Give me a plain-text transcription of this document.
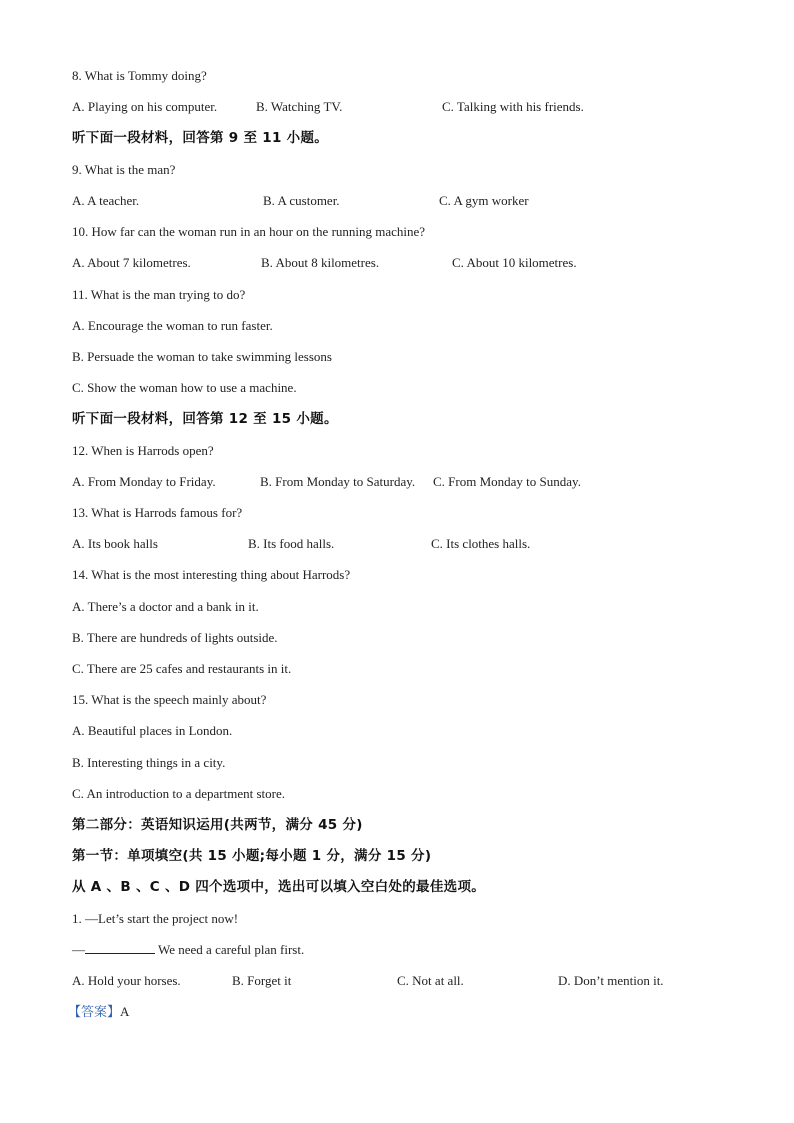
8. What is Tommy doing?
A. Playing on his computer.	B. Watching TV.	C. Talking with his friends.
听下面一段材料，回答第 9 至 11 小题。
9. What is the man?
A. A teacher.	B. A customer.	C. A gym worker
10. How far can the woman run in an hour on the running machine?
A. About 7 kilometres.	B. About 8 kilometres.	C. About 10 kilometres.
11. What is the man trying to do?
A. Encourage the woman to run faster.
B. Persuade the woman to take swimming lessons
C. Show the woman how to use a machine.
听下面一段材料，回答第 12 至 15 小题。
12. When is Harrods open?
A. From Monday to Friday.	B. From Monday to Saturday. C. From Monday to Sunday.
13. What is Harrods famous for?
A. Its book halls	B. Its food halls.	C. Its clothes halls.
14. What is the most interesting thing about Harrods?
A. There’s a doctor and a bank in it.
B. There are hundreds of lights outside.
C. There are 25 cafes and restaurants in it.
15. What is the speech mainly about?
A. Beautiful places in London.
B. Interesting things in a city.
C. An introduction to a department store.
第二部分：英语知识运用(共两节，满分 45 分)
第一节：单项填空(共 15 小题;每小题 1 分，满分 15 分)
从 A 、B 、C 、D 四个选项中，选出可以填入空白处的最佳选项。
1. —Let’s start the project now!
—	We need a careful plan first.
A. Hold your horses.	B. Forget it	C. Not at all.	D. Don’t mention it.
【答案】A
